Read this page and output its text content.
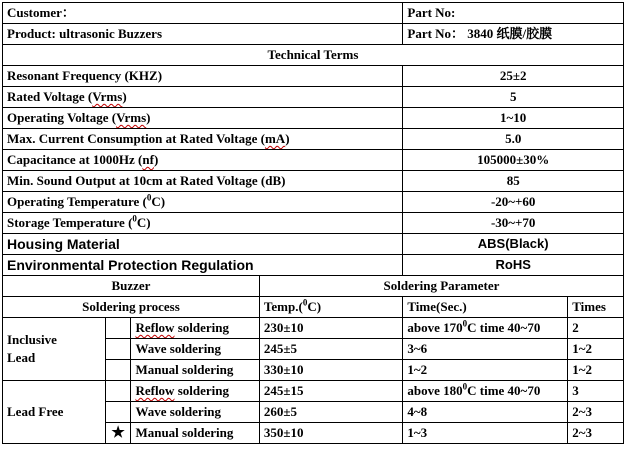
Customer：				Part No:	
Product: ultrasonic Buzzers				Part No： 3840 纸膜/胶膜	
Technical Terms					
Resonant Frequency (KHZ)				25±2	
Rated Voltage (Vrms)				5	
Operating Voltage (Vrms)				1~10	
Max. Current Consumption at Rated Voltage (mA)				5.0	
Capacitance at 1000Hz (nf)				105000±30%	
Min. Sound Output at 10cm at Rated Voltage (dB)				85	
Operating Temperature ($^0$C)				-20~+60	
Storage Temperature ($^0$C)				-30~+70	
Housing Material				ABS(Black)	
Environmental Protection Regulation				RoHS	
Buzzer			Soldering Parameter		
Soldering process			Temp.($^0$C)	Time(Sec.)	Times

Inclusive
Lead		Reflow soldering	230±10	above $170^0C$ time 40~70	2
		Wave soldering	245±5	3~6	1~2
		Manual soldering	330±10	1~2	1~2
Lead Free		Reflow soldering	245±15	above $180^0C$ time 40~70	3
		Wave soldering	260±5	4~8	2~3
	★	Manual soldering	350±10	1~3	2~3
